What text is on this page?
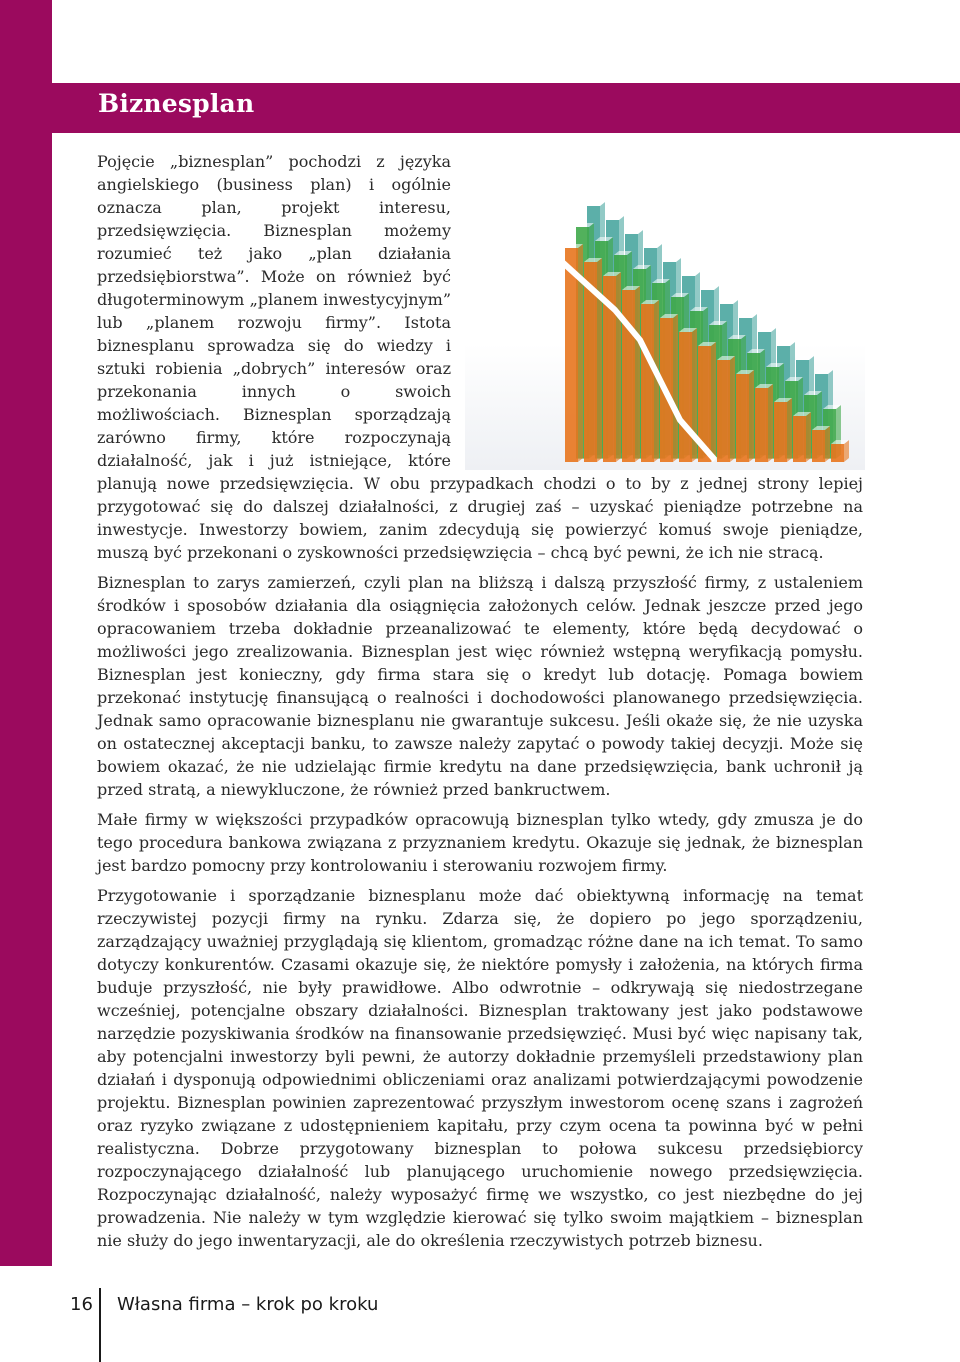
Biznesplan

Pojęcie „biznesplan” pochodzi z języka angielskiego (business plan) i ogólnie oznacza plan, projekt interesu, przedsięwzięcia. Biznesplan możemy rozumieć też jako „plan działania przedsiębiorstwa”. Może on również być długoterminowym „planem inwestycyjnym” lub „planem rozwoju firmy”. Istota biznesplanu sprowadza się do wiedzy i sztuki robienia „dobrych” interesów oraz przekonania innych o swoich możliwościach. Biznesplan sporządzają zarówno firmy, które rozpoczynają działalność, jak i już istniejące, które planują nowe przedsięwzięcia. W obu przypadkach chodzi o to by z jednej strony lepiej przygotować się do dalszej działalności, z drugiej zaś – uzyskać pieniądze potrzebne na inwestycje. Inwestorzy bowiem, zanim zdecydują się powierzyć komuś swoje pieniądze, muszą być przekonani o zyskowności przedsięwzięcia – chcą być pewni, że ich nie stracą.

Biznesplan to zarys zamierzeń, czyli plan na bliższą i dalszą przyszłość firmy, z ustaleniem środków i sposobów działania dla osiągnięcia założonych celów. Jednak jeszcze przed jego opracowaniem trzeba dokładnie przeanalizować te elementy, które będą decydować o możliwości jego zrealizowania. Biznesplan jest więc również wstępną weryfikacją pomysłu. Biznesplan jest konieczny, gdy firma stara się o kredyt lub dotację. Pomaga bowiem przekonać instytucję finansującą o realności i dochodowości planowanego przedsięwzięcia. Jednak samo opracowanie biznesplanu nie gwarantuje sukcesu. Jeśli okaże się, że nie uzyska on ostatecznej akceptacji banku, to zawsze należy zapytać o powody takiej decyzji. Może się bowiem okazać, że nie udzielając firmie kredytu na dane przedsięwzięcia, bank uchronił ją przed stratą, a niewykluczone, że również przed bankructwem.

Małe firmy w większości przypadków opracowują biznesplan tylko wtedy, gdy zmusza je do tego procedura bankowa związana z przyznaniem kredytu. Okazuje się jednak, że biznesplan jest bardzo pomocny przy kontrolowaniu i sterowaniu rozwojem firmy.

Przygotowanie i sporządzanie biznesplanu może dać obiektywną informację na temat rzeczywistej pozycji firmy na rynku. Zdarza się, że dopiero po jego sporządzeniu, zarządzający uważniej przyglądają się klientom, gromadząc różne dane na ich temat. To samo dotyczy konkurentów. Czasami okazuje się, że niektóre pomysły i założenia, na których firma buduje przyszłość, nie były prawidłowe. Albo odwrotnie – odkrywają się niedostrzegane wcześniej, potencjalne obszary działalności. Biznesplan traktowany jest jako podstawowe narzędzie pozyskiwania środków na finansowanie przedsięwzięć. Musi być więc napisany tak, aby potencjalni inwestorzy byli pewni, że autorzy dokładnie przemyśleli przedstawiony plan działań i dysponują odpowiednimi obliczeniami oraz analizami potwierdzającymi powodzenie projektu. Biznesplan powinien zaprezentować przyszłym inwestorom ocenę szans i zagrożeń oraz ryzyko związane z udostępnieniem kapitału, przy czym ocena ta powinna być w pełni realistyczna. Dobrze przygotowany biznesplan to połowa sukcesu przedsiębiorcy rozpoczynającego działalność lub planującego uruchomienie nowego przedsięwzięcia. Rozpoczynając działalność, należy wyposażyć firmę we wszystko, co jest niezbędne do jej prowadzenia. Nie należy w tym względzie kierować się tylko swoim majątkiem – biznesplan nie służy do jego inwentaryzacji, ale do określenia rzeczywistych potrzeb biznesu.

16 Własna firma – krok po kroku
